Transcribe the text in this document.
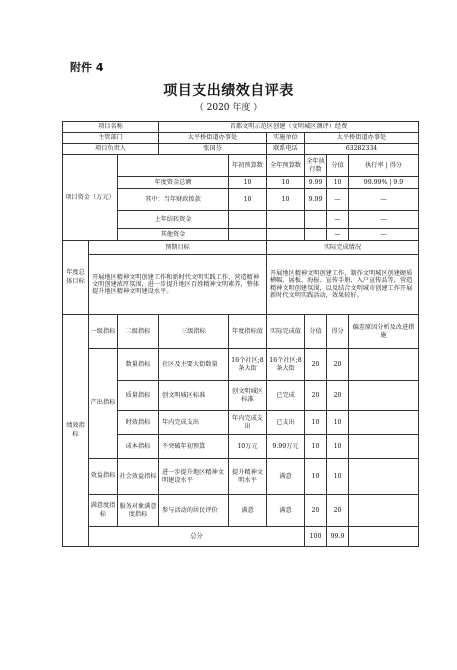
附件 4
项目支出绩效自评表
（ 2020 年度 ）
项目名称			首都文明示范区创建（文明城区测评）经费					
主管部门			太平桥街道办事处		实施单位	太平桥街道办事处		
项目负责人			张国芬		联系电话	63282334		
项目资金（万元）				年初预算数	全年预算数	全年执行数	分值	执行率 | 得分
		年度资金总额		10	10	9.99	10	99.99% | 9.9
		其中：当年财政拨款		10	10	9.99	—	—
		上年结转资金					—	—
		其他资金					—	—
年度总体目标	预期目标				实际完成情况			
	开展地区精神文明创建工作和新时代文明实践工作，营造精神文明创建浓厚氛围，进一步提升地区百姓精神文明素养，整体提升地区精神文明建设水平。				开展地区精神文明创建工作，制作文明城区创建硬质横幅、展板、海报、宣传手册、入户宣传品等，营造精神文明创建氛围，以及结合文明城市创建工作开展新时代文明实践活动，效果较好。			
绩效指标	一级指标	二级指标	三级指标	年度指标值	实际完成值	分值	得分	偏差原因分析及改进措施
	产出指标	数量指标	社区及主要大街数量	16个社区;8条大街	16个社区;8条大街	20	20	
		质量指标	创文明城区标准	创文明城区标准	已完成	20	20	
		时效指标	年内完成支出	年内完成支出	已支出	10	10	
		成本指标	不突破年初预算	10万元	9.99万元	10	10	
	效益指标	社会效益指标	进一步提升地区精神文明建设水平	提升精神文明水平	满意	10	10	
	满意度指标	服务对象满意度指标	参与活动的居民评价	满意	满意	20	20	
	总分					100	99.9	
